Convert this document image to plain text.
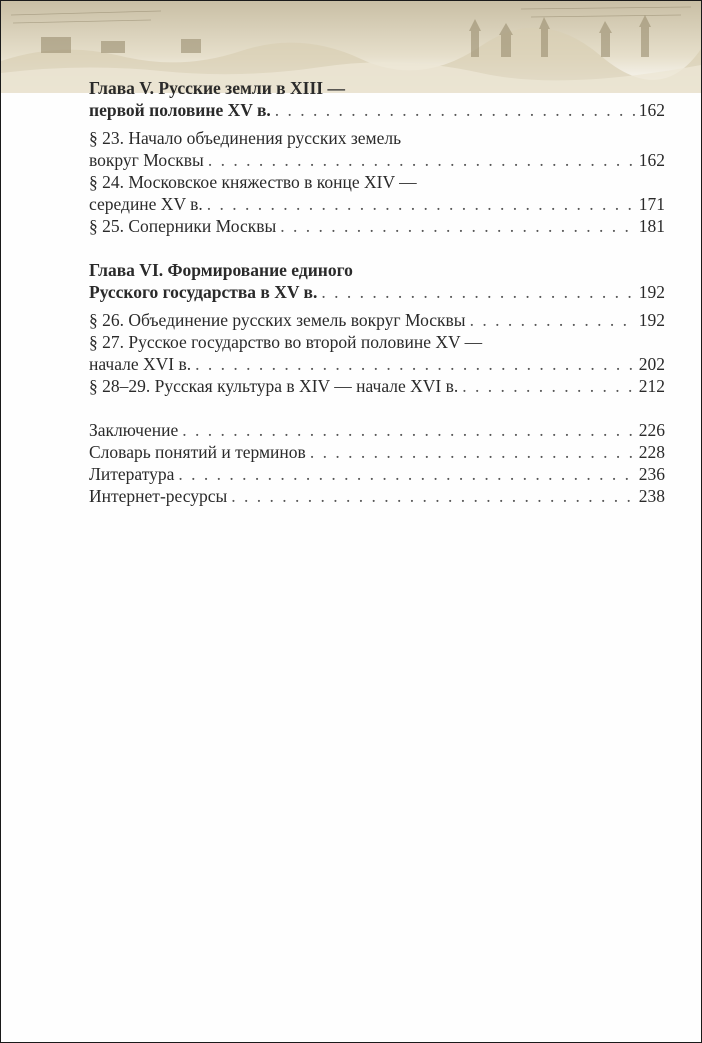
Глава V. Русские земли в XIII —
первой половине XV в. . . .	162
§ 23. Начало объединения русских земель
вокруг Москвы . . .	162
§ 24. Московское княжество в конце XIV —
середине XV в. . . .	171
§ 25. Соперники Москвы . . .	181
Глава VI. Формирование единого
Русского государства в XV в. . . .	192
§ 26. Объединение русских земель вокруг Москвы . . .	192
§ 27. Русское государство во второй половине XV —
начале XVI в. . . .	202
§ 28–29. Русская культура в XIV — начале XVI в. . . .	212
Заключение . . .	226
Словарь понятий и терминов . . .	228
Литература . . .	236
Интернет-ресурсы . . .	238
